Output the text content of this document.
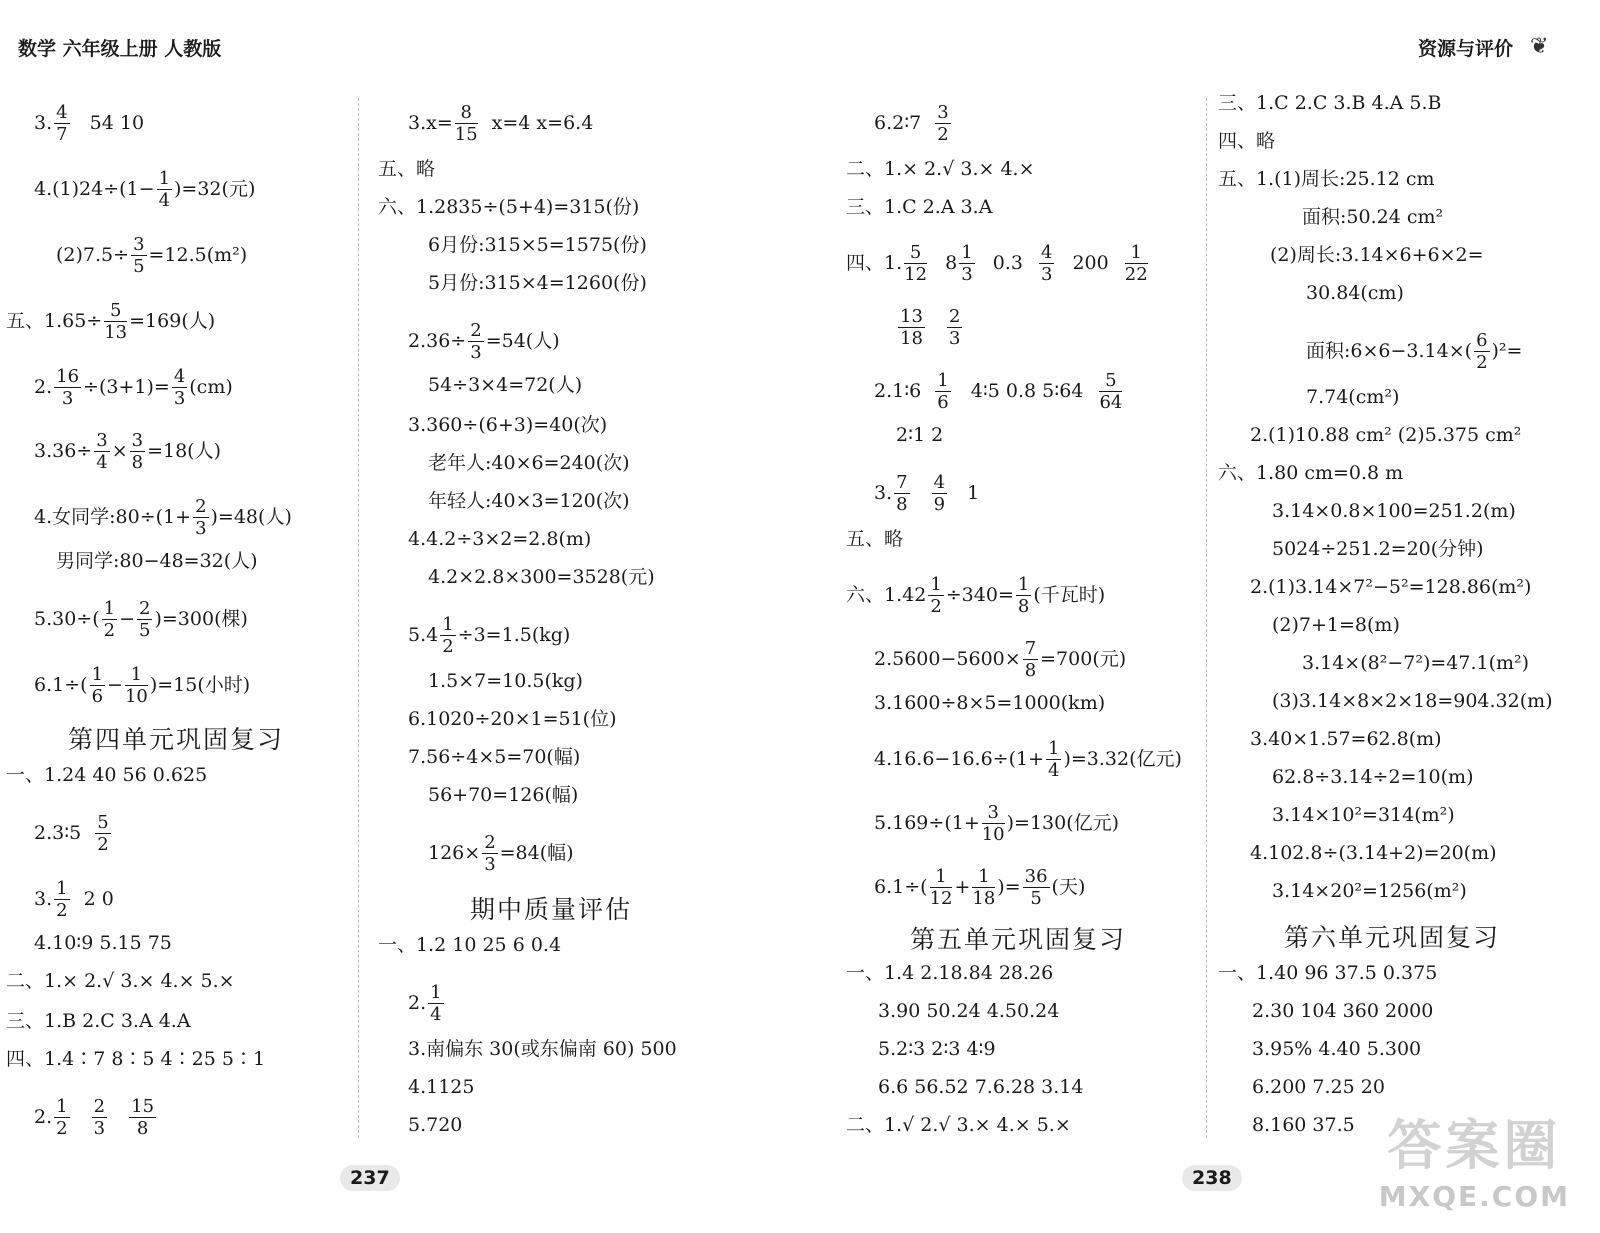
数学 六年级上册 人教版	资源与评价 ❦
3. $\frac{4}{7} 54$ 10
$4.(1)24\div(1- \frac{1}{4} )=32$(元)
$(2)7.5\div \frac{3}{5} =12.5(m^2)$
五、$1.65\div \frac{5}{13} =169$(人)
2. $\frac{16}{3} \div(3+1)= \frac{4}{3} (cm)$
$3.36\div \frac{3}{4} \times \frac{3}{8} =18$(人)
4.女同学:80÷(1+ $\frac{2}{3} )=48$(人)
男同学:80−48=32(人)
$5.30\div( \frac{1}{2} - \frac{2}{5} )=300$(棵)
$6.1\div( \frac{1}{6} - \frac{1}{10} )=15$(小时)
第四单元巩固复习
一、1.24 40 56 0.625
2.3∶5 $\frac{5}{2}$
3. $\frac{1}{2} 2$ 0
4.10∶9 5.15 75
二、1.× 2.√ 3.× 4.× 5.×
三、1.B 2.C 3.A 4.A
四、1.4∶7 8∶5 4∶25 5∶1
2. $\frac{1}{2}$
$\frac{2}{3}$
$\frac{15}{8}$
$3.x= \frac{8}{15} x=4$ x=6.4
五、略
六、1.2835÷(5+4)=315(份)
6月份:315×5=1575(份)
5月份:315×4=1260(份)
$2.36\div \frac{2}{3} =54$(人)
54÷3×4=72(人)
3.360÷(6+3)=40(次)
老年人:40×6=240(次)
年轻人:40×3=120(次)
4.4.2÷3×2=2.8(m)
4.2×2.8×300=3528(元)
$5.4 \frac{1}{2} \div 3=1.5(kg)$
1.5×7=10.5(kg)
6.1020÷20×1=51(位)
7.56÷4×5=70(幅)
56+70=126(幅)
$126\times \frac{2}{3} =84$(幅)
期中质量评估
一、1.2 10 25 6 0.4
2. $\frac{1}{4}$
3.南偏东 30(或东偏南 60) 500
4.1125
5.720
237
6.2∶7 $\frac{3}{2}$
二、1.× 2.√ 3.× 4.×
三、1.C 2.A 3.A
四、1. $\frac{5}{12} 8 \frac{1}{3} 0.3 \frac{4}{3} 200 \frac{1}{22}$
$\frac{13}{18}$
$\frac{2}{3}$
2.1∶6 $\frac{1}{6}$ 4∶5 0.8 5∶64 $\frac{5}{64}$
2∶1 2
3. $\frac{7}{8}$
$\frac{4}{9} 1$
五、略
六、$1.42 \frac{1}{2} \div 340= \frac{1}{8}$ (千瓦时)
$2.5600-5600\times \frac{7}{8} =700$(元)
3.1600÷8×5=1000(km)
$4.16.6-16.6\div(1+ \frac{1}{4} )=3.32$(亿元)
$5.169\div(1+ \frac{3}{10} )=130$(亿元)
$6.1\div( \frac{1}{12} + \frac{1}{18}$ )= $\frac{36}{5}$ (天)
第五单元巩固复习
一、1.4 2.18.84 28.26
3.90 50.24 4.50.24
5.2∶3 2∶3 4∶9
6.6 56.52 7.6.28 3.14
二、1.√ 2.√ 3.× 4.× 5.×
238
三、1.C 2.C 3.B 4.A 5.B
四、略
五、1.(1)周长:25.12 cm
面积:50.24 cm²
(2)周长:3.14×6+6×2=
30.84(cm)
面积:6×6−3.14×( $\frac{6}{2} )^2=$
7.74(cm²)
2.(1)10.88 cm² (2)5.375 cm²
六、1.80 cm=0.8 m
3.14×0.8×100=251.2(m)
5024÷251.2=20(分钟)
2.(1)3.14×7²−5²=128.86(m²)
(2)7+1=8(m)
3.14×(8²−7²)=47.1(m²)
(3)3.14×8×2×18=904.32(m)
3.40×1.57=62.8(m)
62.8÷3.14÷2=10(m)
3.14×10²=314(m²)
4.102.8÷(3.14+2)=20(m)
3.14×20²=1256(m²)
第六单元巩固复习
一、1.40 96 37.5 0.375
2.30 104 360 2000
3.95% 4.40 5.300
6.200 7.25 20
8.160 37.5 答案圈
MXQE.COM
